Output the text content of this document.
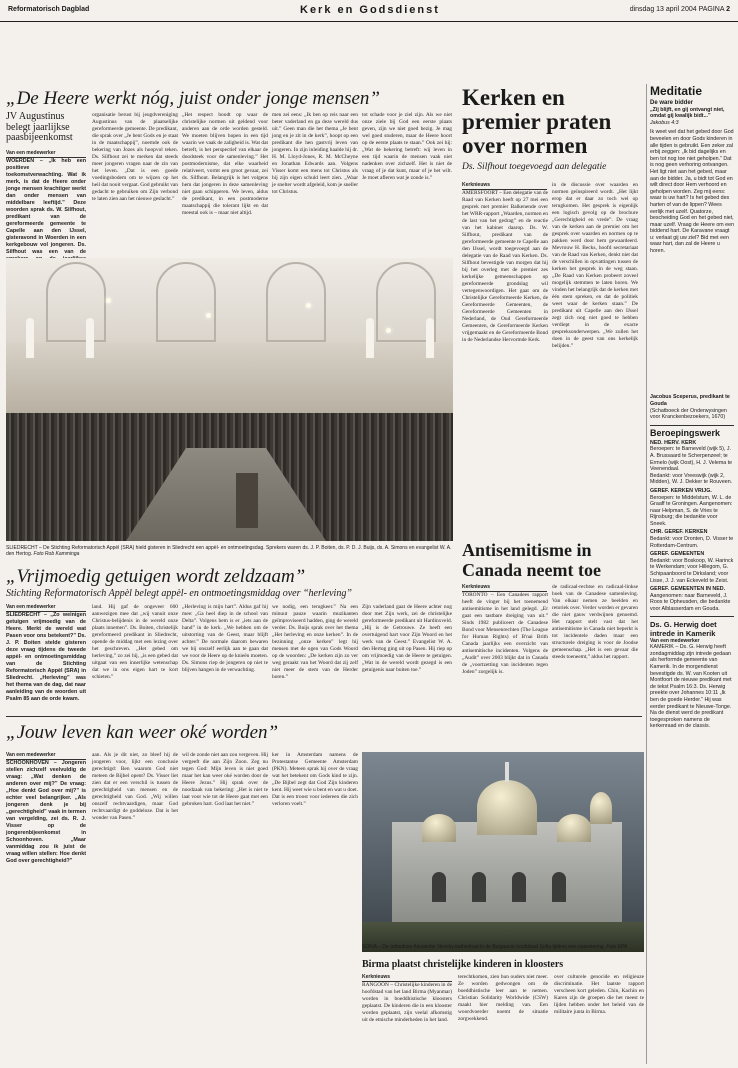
Reformatorisch Dagblad	Kerk en Godsdienst	dinsdag 13 april 2004 PAGINA 2
„De Heere werkt nóg, juist onder jonge mensen”
JV Augustinus belegt jaarlijkse paasbijeenkomst
Van een medewerker
WOERDEN – „Ik heb een positieve toekomstverwachting. Wat ik merk, is dat de Heere onder jonge mensen krachtiger werkt dan onder mensen van middelbare leeftijd.” Deze woorden sprak ds. W. Silfhout, predikant van de gereformeerde gemeente te Capelle aan den IJssel, gisteravond in Woerden in een kerkgebouw vol jongeren. Ds. Silfhout was een van de
organisatie berust bij jeugdvereniging Augustinus van de plaatselijke gereformeerde gemeente. De predikant, die sprak over „Je bent Gods en je staat in de maatschappij”, noemde ook de bekering van Jozes als hoopvol teken. Ds. Silfhout zei te merken dat steeds meer jongeren vragen naar de zin van het leven. „Dat is een goede voedingsbodem om te wijzen op het heil dat nooit vergaat. God gebruikt van gedacht te gebruiken om Zijn verbond te laten zien aan het nieuwe geslacht.”
„Het respect boodt op waar de christelijke normen uit geldend voor anderen aan de orde worden gesteld. We moeten blijven hopen in een tijd waarin we vaak de zaligheid is. Wat dat betreft, is het perspectief van elkaar de doodsteek voor de samenleving.” Het postmodernisme, dat elke waarheid relativeert, vormt een groot gevaar, zei ds. Silfhout. Belangrijk is het volgens hem dat jongeren in deze samenleving niet gaan schipperen. We leven, aldus de predikant, in een postmoderne maatschappij die tolerant lijkt en dat meestal ook is – maar niet altijd.
men zei eens: „Ik ben op reis naar een beter vaderland en ga deze wereld dus uit.” Geen man die het thema „Je bent jong en je zit in de kerk”, hoopt op een predikant die hen gastvrij leven van jongeren. In zijn inleiding haalde hij dr. H. M. Lloyd-Jones, R. M. McCheyne en Jonathan Edwards aan. Volgens Visser komt een mens tot Christus als hij zijn eigen schuld leert zien. „Waar je snelter wordt afgeleid, kom je sneller tot Christus.
tot schade voor je ziel zijn. Als we niet onze ziele bij God een eerste plaats geven, zijn we niet goed bezig. Je mag wel goed studeren, maar de Heere hoort op de eerste plaats te staan.” Ook zei hij: „Wat de bekering betreft: wij leven in een tijd waarin de mensen vaak niet nadenken over zichzelf. Het is niet de vraag of je dat kunt, maar of je het wilt. Je moet afleren wat je zonde is.”
Kerken en premier praten over normen
Ds. Silfhout toegevoegd aan delegatie
Kerknieuws
AMERSFOORT – Een delegatie van de Raad van Kerken heeft op 27 mei een gesprek met premier Balkenende over het WRR-rapport „Waarden, normen en de last van het gedrag” en de reactie van het kabinet daarop. Ds. W. Silfhout, predikant van de gereformeerde gemeente te Capelle aan den IJssel, wordt toegevoegd aan de delegatie van de Raad van Kerken. Ds. Silfhout bevestigde van morgen dat hij bij het overleg met de premier zes kerkelijke gemeenschappen op gereformeerde grondslag wil vertegenwoordigen. Het gaat om de Christelijke Gereformeerde Kerken, de Gereformeerde Gemeenten, de Gereformeerde Gemeenten in Nederland, de Oud Gereformeerde Gemeenten, de Gereformeerde Kerken vrijgemaakt en de Gereformeerde Bond in de Nederlandse Hervormde Kerk.
in de discussie over waarden en normen geïnspireerd wordt. „Het lijkt erop dat er daar zo toch wel op terugkomen. Het gesprek is eigenlijk een logisch gevolg op de brochure „Gerechtigheid en vrede”. De vraag van de kerken aan de premier om het gesprek over waarden en normen op te pakken werd door hem gewaardeerd. Mevrouw H. Becks, hoofd secretariaat van de Raad van Kerken, denkt niet dat de verschillen in opvattingen tussen de kerken het gesprek in de weg staan. „De Raad van Kerken probeert zoveel mogelijk stemmen te laten horen. We vinden het belangrijk dat de kerken met één stem spreken, en dat de politiek weet waar de kerken staan.” De predikant uit Capelle aan den IJssel zegt zich nog niet goed te hebben verdiept in de exacte gespreksonderwerpen. „We zullen het doen in de geest van ons kerkelijk belijden.”
SLIEDRECHT – De Stichting Reformatorisch Appèl (SRA) hield gisteren in Sliedrecht een appèl- en ontmoetingsdag. Sprekers waren ds. J. P. Boiten, ds. P. D. J. Buijs, ds. A. Simons en evangelist W. A. den Hertog. Foto Rob Kamminga	Antisemitisme in Canada neemt toe
Kerknieuws
TORONTO – Een Canadees rapport heeft de vinger bij het toenemend antisemitisme in het land gelegd. „Er gaat een tastbare dreiging van uit.” Sinds 1982 publiceert de Canadese Bond voor Mensenrechten (The League for Human Rights) of B'nai Brith Canada jaarlijks een overzicht van antisemitische incidenten. Volgens de „Audit” over 2003 blijkt dat in Canada de „voortzetting van incidenten tegen Joden” zorgelijk is.
de radicaal-rechtse en radicaal-linkse hoek van de Canadese samenleving. Van elkaar nemen ze beelden en retoriek over. Verder worden er gevaren die niet gauw verdwijnen genoemd. Het rapport stelt vast dat het antisemitisme in Canada niet beperkt is tot incidentele daden maar een structurele dreiging is voor de Joodse gemeenschap. „Het is een gevaar die steeds toeneemt,” aldus het rapport.
„Vrijmoedig getuigen wordt zeldzaam”
Stichting Reformatorisch Appèl belegt appèl- en ontmoetingsmiddag over “herleving”
Van een medewerker
SLIEDRECHT – „Zo weinigen getuigen vrijmoedig van de Heere. Merkt de wereld wat Pasen voor ons betekent?” Ds. J. P. Boiten stelde gisteren deze vraag tijdens de tweede appèl- en ontmoetingsmiddag van de Stichting Reformatorisch Appèl (SRA) in Sliedrecht. „Herleving” was het thema van de dag, dat naar aanleiding van de woorden uit Psalm 85 aan de orde kwam.
land. Hij gaf de ongeveer 600 aanwezigen mee dat „wij vanuit onze Christus-belijdenis in de wereld onze plaats innemen”. Ds. Boiten, christelijk gereformeerd predikant in Sliedrecht, opende de middag met een lezing over het geschreven. „Het gebed om herleving,” zo zei hij, „is een gebed dat uitgaat van een innerlijke wetenschap dat we in ons eigen hart te kort schieten.”
„Herleving is mijn hart”. Aldus gaf hij mee: „Ga heel diep in de school van Delta”. Volgens hem is er „iets aan de hand” in de kerk. „We hebben om de uitstorting van de Geest, maar blijft achter.” De normale daarom bewaren we bij onszelf eerlijk aan te gaan dat we voor de Heere op de knieën moeten. Ds. Simons riep de jongeren op niet te blijven hangen in de verwachting.
we nodig, een terugkeer.” Na een minuut pauze waarin muzikanten geïmproviseerd hadden, ging de wereld verder. Ds. Buijs sprak over het thema „Het herleving en onze kerken”. In de bezinning „onze kerken” legt hij mensen met de ogen van Gods Woord op de woorden: „De kerken zijn zo ver weg geraakt van het Woord dat zij zelf niet meer de stem van de Herder horen.”
Zijn vaderland gaat de Heere achter nog door met Zijn werk, zei de christelijke gereformeerde predikant uit Hardinxveld. „Hij is de Getrouwe. Ze heeft een overtuigend hart voor Zijn Woord en het werk van de Geest.” Evangelist W. A. den Hertog ging uit op Pasen. Hij riep op om vrijmoedig van de Heere te getuigen. „Wat in de wereld wordt gezegd is een getuigenis naar buiten toe.”
„Jouw leven kan weer oké worden”
Van een medewerker
SCHOONHOVEN – Jongeren stellen zichzelf veelvuldig de vraag: „Wat denken de anderen over mij?” De vraag: „Hoe denkt God over mij?” is echter veel belangrijker. „Als jongeren denk je bij „gerechtigheid” vaak in termen van vergelding, zei ds. R. J. Visser op de jongerenbijeenkomst in Schoonhoven. „Maar vanmiddag zou ik juist de vraag willen stellen: Hoe denkt God over gerechtigheid?”
aan. Als je dit niet, zo bleef hij de jongeren voor, lijkt een conclusie gerechtigd: Ben waarom God niet meteen de Bijbel opent? Ds. Visser liet zien dat er een verschil is tussen de gerechtigheid van mensen en de gerechtigheid van God. „Wij willen onszelf rechtvaardigen, maar God rechtvaardigt de goddeloze. Dat is het wonder van Pasen.”
wil de zonde niet aan zou vergeven. Hij vergeeft die aan Zijn Zoon. Zeg nu tegen God: Mijn leven is niet goed maar het kan weer oké worden door de Heere Jezus.” Hij sprak over de noodzaak van bekering: „Het is niet te laat voor wie tot de Heere gaat met een gebroken hart. God laat het niet.”
ker in Amsterdam namens de Protestantse Gemeente Amsterdam (PKN). Meteen sprak hij over de vraag wat het betekent om Gods kind te zijn. „De Bijbel zegt dat God Zijn kinderen kent. Hij weet wie u bent en wat u doet. Dat is een troost voor iedereen die zich verloren voelt.”
SOFIA – De orthodoxe Alexander Nevsky-kathedraal in de Bulgaarse hoofdstad Sofia tijdens een paasviering. Foto EPA
Birma plaatst christelijke kinderen in kloosters
Kerknieuws
RANGOON – Christelijke kinderen in de hoofdstad van het land Birma (Myanmar) worden in boeddhistische kloosters geplaatst. De kinderen die in een klooster worden geplaatst, zijn veelal afkomstig uit de etnische minderheden in het land.
terechtkomen, zien hun ouders niet meer. Ze worden gedwongen om de boeddhistische leer aan te nemen. Christian Solidarity Worldwide (CSW) maakt hier melding van. Een woordvoerder noemt de situatie zorgwekkend.
over culturele genocide en religieuze discriminatie. Het laatste rapport verscheen kort geleden. Chin, Kachin en Karen zijn de groepen die het meest te lijden hebben onder het beleid van de militaire junta in Birma.
Meditatie
De ware bidder
„Zij blijft, en gij ontvangt niet, omdat gij kwalijk bidt...”
Jakobus 4:3
Ik weet wel dat het gebed door God beveelen en door Gods kinderen in alle tijden is gebruikt. Een zeker zal erbij zeggen: „Ik bid dagelijks en ben tot nog toe niet geholpen.” Dat is nog geen verhoring ontvangen. Het ligt niet aan het gebed, maar aan de bidder. Ja, u bidt tot God en wilt direct door Hem verhoord en geholpen worden. Zeg mij eens: waar is uw hart? Is het gebed des harten of van de lippen? Wees eerlijk met uzelf. Quatorze, bescheiding God en het gebed niet, maar uzelf. Vraag de Heere om een biddend hart. De Karavane vraagt u: verlaat gij uw ziel? Bid met een waar hart, dan zal de Heere u horen.
Jacobus Sceperus, predikant te Gouda
(Schatboeck der Onderwysingen voor Kranckenbezoekers, 1670)
Beroepingswerk
NED. HERV. KERK
Beroepen: te Barneveld (wijk 5), J. A. Brussaard te Scherpenzeel; te Ermelo (wijk Oost), H. J. Velema te Veenendaal.
Bedankt: voor Vreeswijk (wijk 2, Midden), W. J. Dekker te Rouveen.
GEREF. KERKEN VRIJG.
Beroepen: te Middelstum, W. L. de Graaff te Groningen. Aangenomen: naar Helpman, S. de Vries te Rijnsburg; die bedankte voor Sneek.
CHR. GEREF. KERKEN
Bedankt: voor Dronten, D. Visser te Rotterdam-Centrum.
GEREF. GEMEENTEN
Bedankt: voor Boskoop, W. Harinck te Werkendam; voor Hillegom, G. Schipaanboord te Dirksland; voor Lisse, J. J. van Eckeveld te Zeist.
GEREF. GEMEENTEN IN NED.
Aangenomen: naar Barneveld, J. Roos te Opheusden, die bedankte voor Alblasserdam en Gouda.
Ds. G. Herwig doet intrede in Kamerik
Van een medewerker
KAMERIK – Ds. G. Herwig heeft zondagmiddag zijn intrede gedaan als herformde gemeente van Kamerik. In de morgendienst bevestigde ds. W. van Kooten uit Montfoort de nieuwe predikant met de tekst Psalm 16:3. Ds. Herwig preekte over Johannes 10:11 „Ik ben de goede Herder.” Hij was eerder predikant te Nieuwe-Tonge. Na de dienst werd de predikant toegesproken namens de kerkenraad en de classis.
